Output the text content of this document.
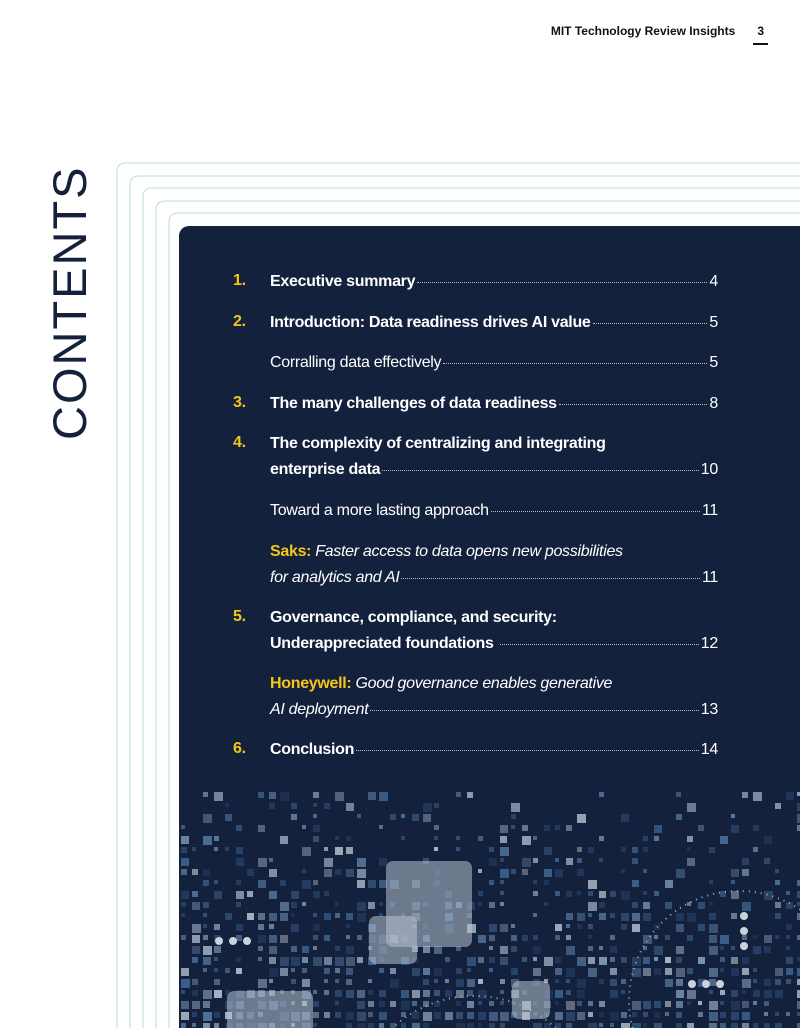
MIT Technology Review Insights 3
CONTENTS	1. Executive summary	4
2. Introduction: Data readiness drives AI value	5
Corralling data effectively	5
3. The many challenges of data readiness	8
4. The complexity of centralizing and integrating
enterprise data	10
Toward a more lasting approach	11
Saks: Faster access to data opens new possibilities
for analytics and AI	11
5. Governance, compliance, and security:
Underappreciated foundations	12
Honeywell: Good governance enables generative
AI deployment	13
6. Conclusion	14
